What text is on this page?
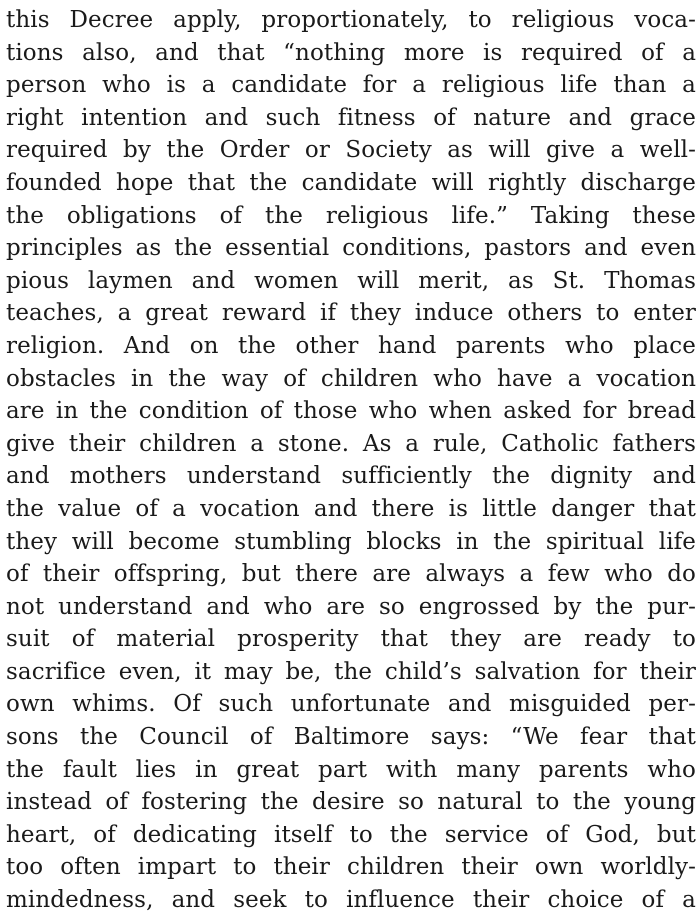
this Decree apply, proportionately, to religious voca-
tions also, and that “nothing more is required of a
person who is a candidate for a religious life than a
right intention and such fitness of nature and grace
required by the Order or Society as will give a well-
founded hope that the candidate will rightly discharge
the obligations of the religious life.” Taking these
principles as the essential conditions, pastors and even
pious laymen and women will merit, as St. Thomas
teaches, a great reward if they induce others to enter
religion. And on the other hand parents who place
obstacles in the way of children who have a vocation
are in the condition of those who when asked for bread
give their children a stone. As a rule, Catholic fathers
and mothers understand sufficiently the dignity and
the value of a vocation and there is little danger that
they will become stumbling blocks in the spiritual life
of their offspring, but there are always a few who do
not understand and who are so engrossed by the pur-
suit of material prosperity that they are ready to
sacrifice even, it may be, the child’s salvation for their
own whims. Of such unfortunate and misguided per-
sons the Council of Baltimore says: “We fear that
the fault lies in great part with many parents who
instead of fostering the desire so natural to the young
heart, of dedicating itself to the service of God, but
too often impart to their children their own worldly-
mindedness, and seek to influence their choice of a
